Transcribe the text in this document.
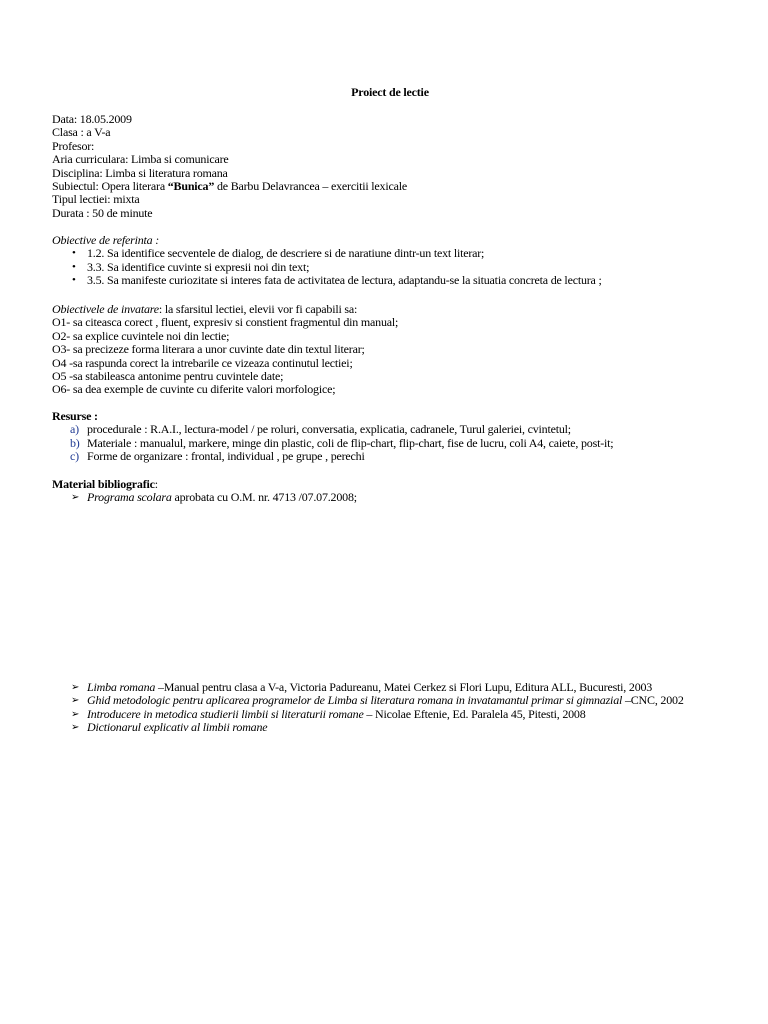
Proiect de lectie
Data: 18.05.2009
Clasa : a V-a
Profesor:
Aria curriculara: Limba si comunicare
Disciplina: Limba si literatura romana
Subiectul: Opera literara “Bunica” de Barbu Delavrancea – exercitii lexicale
Tipul lectiei: mixta
Durata : 50 de minute
Obiective de referinta :
• 1.2. Sa identifice secventele de dialog, de descriere si de naratiune dintr-un text literar;
• 3.3. Sa identifice cuvinte si expresii noi din text;
• 3.5. Sa manifeste curiozitate si interes fata de activitatea de lectura, adaptandu-se la situatia concreta de lectura ;
Obiectivele de invatare: la sfarsitul lectiei, elevii vor fi capabili sa:
O1- sa citeasca corect , fluent, expresiv si constient fragmentul din manual;
O2- sa explice cuvintele noi din lectie;
O3- sa precizeze forma literara a unor cuvinte date din textul literar;
O4 -sa raspunda corect la intrebarile ce vizeaza continutul lectiei;
O5 -sa stabileasca antonime pentru cuvintele date;
O6- sa dea exemple de cuvinte cu diferite valori morfologice;
Resurse :
a) procedurale : R.A.I., lectura-model / pe roluri, conversatia, explicatia, cadranele, Turul galeriei, cvintetul;
b) Materiale : manualul, markere, minge din plastic, coli de flip-chart, flip-chart, fise de lucru, coli A4, caiete, post-it;
c) Forme de organizare : frontal, individual , pe grupe , perechi
Material bibliografic:
➢ Programa scolara aprobata cu O.M. nr. 4713 /07.07.2008;
➢ Limba romana –Manual pentru clasa a V-a, Victoria Padureanu, Matei Cerkez si Flori Lupu, Editura ALL, Bucuresti, 2003
➢ Ghid metodologic pentru aplicarea programelor de Limba si literatura romana in invatamantul primar si gimnazial –CNC, 2002
➢ Introducere in metodica studierii limbii si literaturii romane – Nicolae Eftenie, Ed. Paralela 45, Pitesti, 2008
➢ Dictionarul explicativ al limbii romane
